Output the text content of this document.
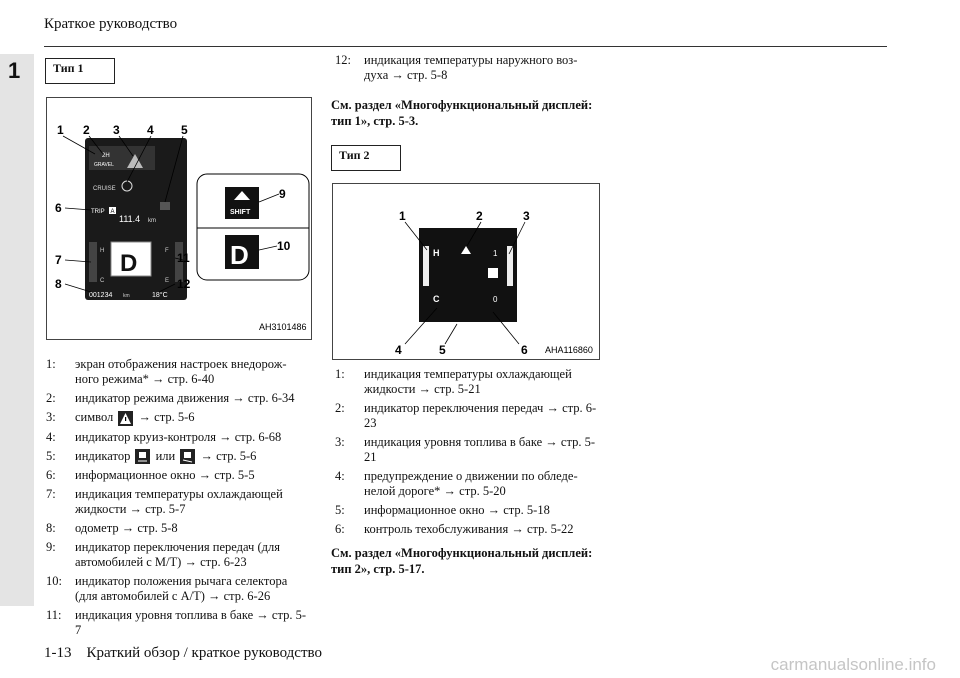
Краткое руководство
1	Тип 1
2H
GRAVEL
CRUISE
TRIP A
111.4 km
H
C
F
E
D
001234 km	18°C
SHIFT
D
1 2 3 4 5
6
7
8
9
10
11
12
AH3101486
1:	экран отображения настроек внедорож-ного режима* → стр. 6-40
2:	индикатор режима движения → стр. 6-34
3:	символ → стр. 5-6
4:	индикатор круиз-контроля → стр. 6-68
5:	индикатор или → стр. 5-6
6:	информационное окно → стр. 5-5
7:	индикация температуры охлаждающей жидкости → стр. 5-7
8:	одометр → стр. 5-8
9:	индикатор переключения передач (для автомобилей с M/T) → стр. 6-23
10:	индикатор положения рычага селектора (для автомобилей с A/T) → стр. 6-26
11:	индикация уровня топлива в баке → стр. 5-7
12:	индикация температуры наружного воз-духа → стр. 5-8
См. раздел «Многофункциональный дисплей: тип 1», стр. 5-3.
Тип 2
H
C
1
0
1234
km
1	2	3
4	5	6 AHA116860
1:	индикация температуры охлаждающей жидкости → стр. 5-21
2:	индикатор переключения передач → стр. 6-23
3:	индикация уровня топлива в баке → стр. 5-21
4:	предупреждение о движении по обледе-нелой дороге* → стр. 5-20
5:	информационное окно → стр. 5-18
6:	контроль техобслуживания → стр. 5-22
См. раздел «Многофункциональный дисплей: тип 2», стр. 5-17.
1-13 Краткий обзор / краткое руководство
carmanualsonline.info
